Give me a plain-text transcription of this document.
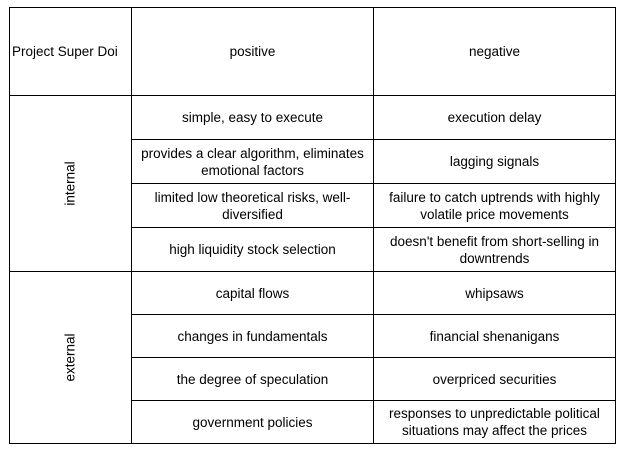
Project Super Doi	positive	negative
internal	simple, easy to execute	execution delay
	provides a clear algorithm, eliminates emotional factors	lagging signals
	limited low theoretical risks, well-diversified	failure to catch uptrends with highly volatile price movements
	high liquidity stock selection	doesn't benefit from short-selling in downtrends
external	capital flows	whipsaws
	changes in fundamentals	financial shenanigans
	the degree of speculation	overpriced securities
	government policies	responses to unpredictable political situations may affect the prices
